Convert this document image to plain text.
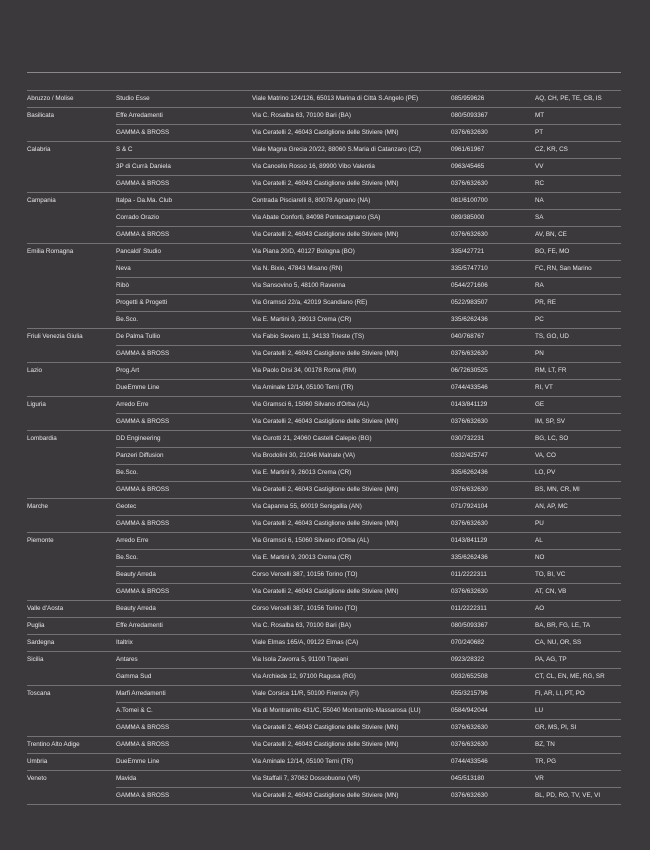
Abruzzo / Molise	Studio Esse	Viale Matrino 124/126, 65013 Marina di Città S.Angelo (PE)	085/959626	AQ, CH, PE, TE, CB, IS
Basilicata	Effe Arredamenti	Via C. Rosalba 63, 70100 Bari (BA)	080/5093367	MT
	GAMMA & BROSS	Via Ceratelli 2, 46043 Castiglione delle Stiviere (MN)	0376/632630	PT
Calabria	S & C	Viale Magna Grecia 20/22, 88060 S.Maria di Catanzaro (CZ)	0961/61967	CZ, KR, CS
	3P di Currà Daniela	Via Cancello Rosso 16, 89900 Vibo Valentia	0963/45465	VV
	GAMMA & BROSS	Via Ceratelli 2, 46043 Castiglione delle Stiviere (MN)	0376/632630	RC
Campania	Italpa - Da.Ma. Club	Contrada Pisciarelli 8, 80078 Agnano (NA)	081/6100700	NA
	Corrado Orazio	Via Abate Conforti, 84098 Pontecagnano (SA)	089/385000	SA
	GAMMA & BROSS	Via Ceratelli 2, 46043 Castiglione delle Stiviere (MN)	0376/632630	AV, BN, CE
Emilia Romagna	Pancaldi' Studio	Via Piana 20/D, 40127 Bologna (BO)	335/427721	BO, FE, MO
	Neva	Via N. Bixio, 47843 Misano (RN)	335/5747710	FC, RN, San Marino
	Ribò	Via Sansovino 5, 48100 Ravenna	0544/271606	RA
	Progetti & Progetti	Via Gramsci 22/a, 42019 Scandiano (RE)	0522/983507	PR, RE
	Be.Sco.	Via E. Martini 9, 26013 Crema (CR)	335/6262436	PC
Friuli Venezia Giulia	De Palma Tullio	Via Fabio Severo 11, 34133 Trieste (TS)	040/768767	TS, GO, UD
	GAMMA & BROSS	Via Ceratelli 2, 46043 Castiglione delle Stiviere (MN)	0376/632630	PN
Lazio	Prog.Art	Via Paolo Orsi 34, 00178 Roma (RM)	06/72630525	RM, LT, FR
	DueEmme Line	Via Aminale 12/14, 05100 Terni (TR)	0744/433546	RI, VT
Liguria	Arredo Erre	Via Gramsci 6, 15060 Silvano d'Orba (AL)	0143/841129	GE
	GAMMA & BROSS	Via Ceratelli 2, 46043 Castiglione delle Stiviere (MN)	0376/632630	IM, SP, SV
Lombardia	DD Engineering	Via Curotti 21, 24060 Castelli Calepio (BG)	030/732231	BG, LC, SO
	Panzeri Diffusion	Via Brodolini 30, 21046 Malnate (VA)	0332/425747	VA, CO
	Be.Sco.	Via E. Martini 9, 26013 Crema (CR)	335/6262436	LO, PV
	GAMMA & BROSS	Via Ceratelli 2, 46043 Castiglione delle Stiviere (MN)	0376/632630	BS, MN, CR, MI
Marche	Geotec	Via Capanna 55, 60019 Senigallia (AN)	071/7924104	AN, AP, MC
	GAMMA & BROSS	Via Ceratelli 2, 46043 Castiglione delle Stiviere (MN)	0376/632630	PU
Piemonte	Arredo Erre	Via Gramsci 6, 15060 Silvano d'Orba (AL)	0143/841129	AL
	Be.Sco.	Via E. Martini 9, 20013 Crema (CR)	335/6262436	NO
	Beauty Arreda	Corso Vercelli 387, 10156 Torino (TO)	011/2222311	TO, BI, VC
	GAMMA & BROSS	Via Ceratelli 2, 46043 Castiglione delle Stiviere (MN)	0376/632630	AT, CN, VB
Valle d'Aosta	Beauty Arreda	Corso Vercelli 387, 10156 Torino (TO)	011/2222311	AO
Puglia	Effe Arredamenti	Via C. Rosalba 63, 70100 Bari (BA)	080/5093367	BA, BR, FG, LE, TA
Sardegna	Italtrix	Viale Elmas 165/A, 09122 Elmas (CA)	070/240682	CA, NU, OR, SS
Sicilia	Antares	Via Isola Zavorra 5, 91100 Trapani	0923/28322	PA, AG, TP
	Gamma Sud	Via Archiede 12, 97100 Ragusa (RG)	0932/652508	CT, CL, EN, ME, RG, SR
Toscana	Marfi Arredamenti	Viale Corsica 11/R, 50100 Firenze (FI)	055/3215796	FI, AR, LI, PT, PO
	A.Tomei & C.	Via di Montramito 431/C, 55040 Montramito-Massarosa (LU)	0584/942044	LU
	GAMMA & BROSS	Via Ceratelli 2, 46043 Castiglione delle Stiviere (MN)	0376/632630	GR, MS, PI, SI
Trentino Alto Adige	GAMMA & BROSS	Via Ceratelli 2, 46043 Castiglione delle Stiviere (MN)	0376/632630	BZ, TN
Umbria	DueEmme Line	Via Aminale 12/14, 05100 Terni (TR)	0744/433546	TR, PG
Veneto	Mavida	Via Staffali 7, 37062 Dossobuono (VR)	045/513180	VR
	GAMMA & BROSS	Via Ceratelli 2, 46043 Castiglione delle Stiviere (MN)	0376/632630	BL, PD, RO, TV, VE, VI
